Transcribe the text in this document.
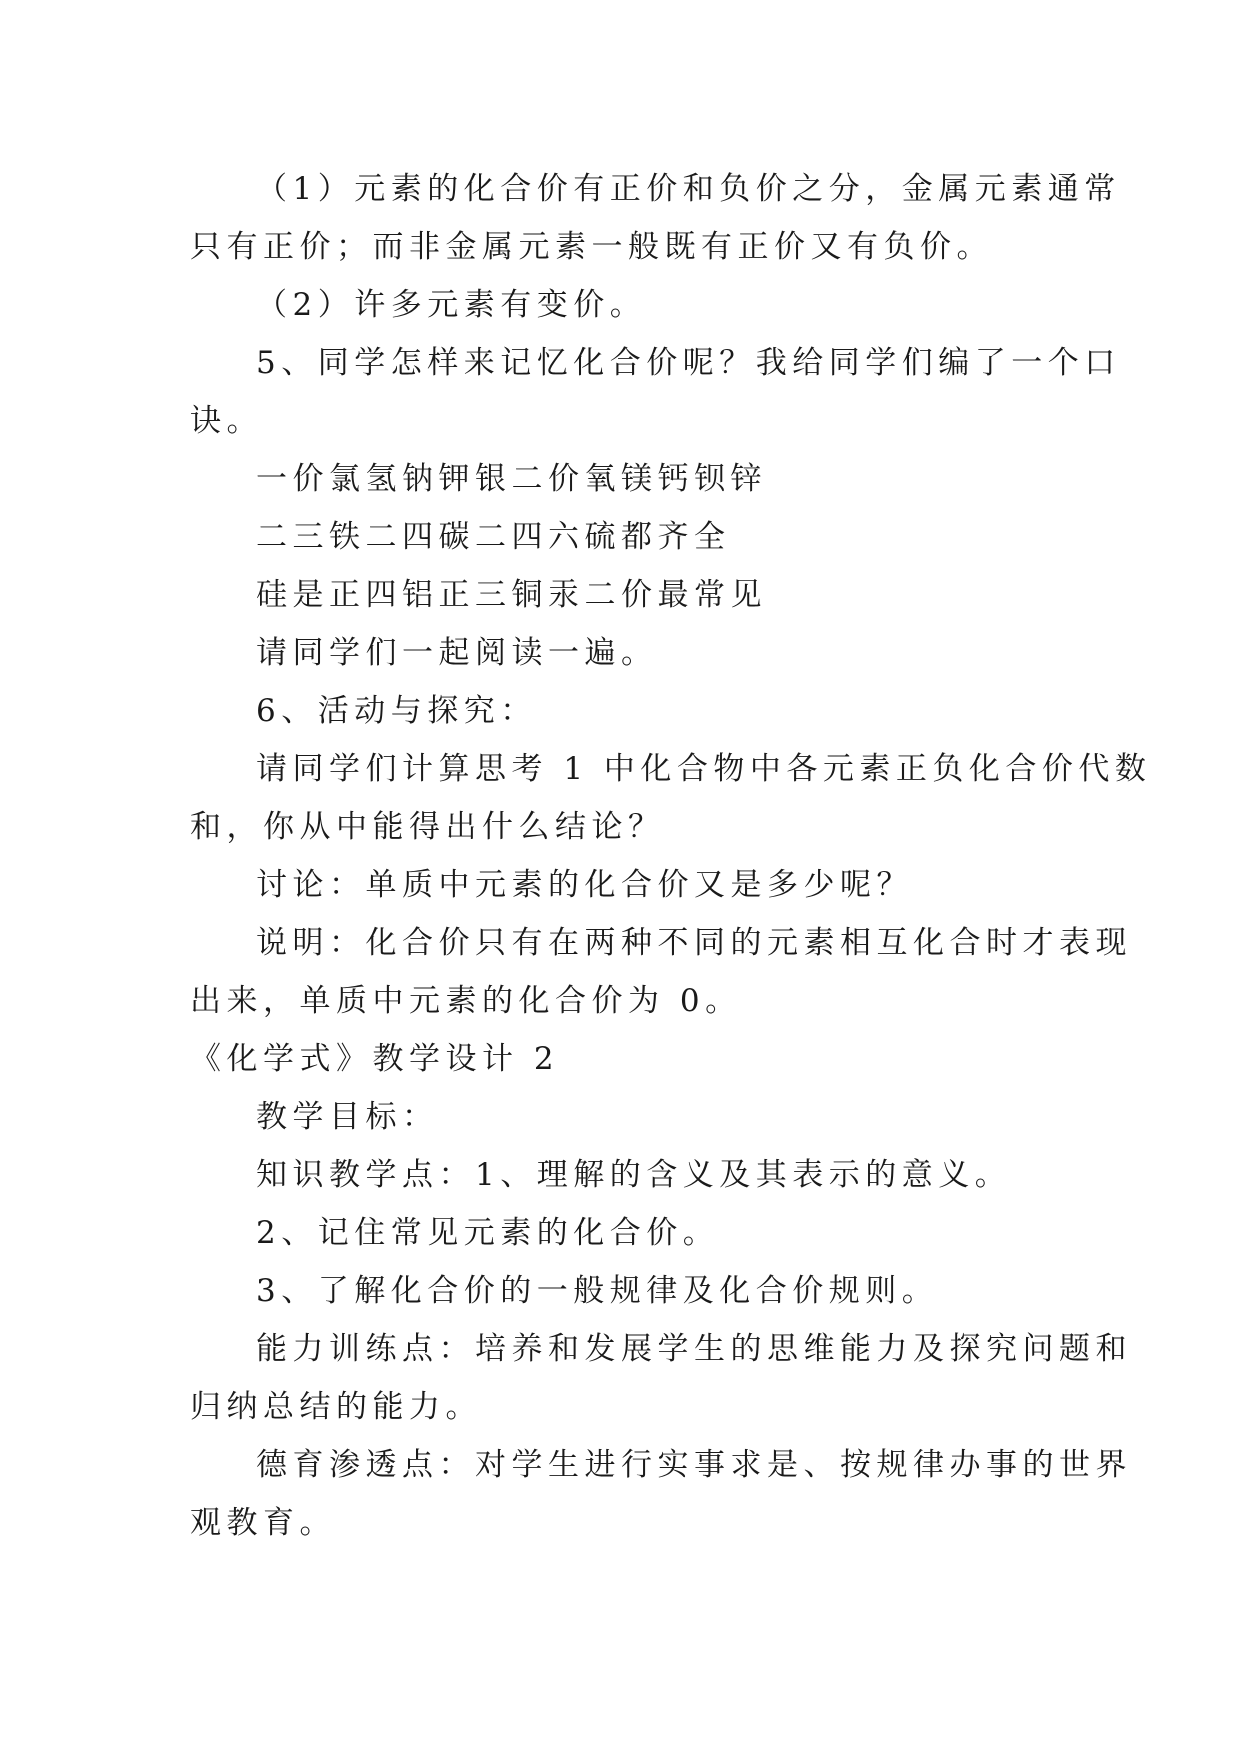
（1）元素的化合价有正价和负价之分，金属元素通常
只有正价；而非金属元素一般既有正价又有负价。
（2）许多元素有变价。
5、同学怎样来记忆化合价呢？我给同学们编了一个口
诀。
一价氯氢钠钾银二价氧镁钙钡锌
二三铁二四碳二四六硫都齐全
硅是正四铝正三铜汞二价最常见
请同学们一起阅读一遍。
6、活动与探究：
请同学们计算思考 1 中化合物中各元素正负化合价代数
和，你从中能得出什么结论？
讨论：单质中元素的化合价又是多少呢？
说明：化合价只有在两种不同的元素相互化合时才表现
出来，单质中元素的化合价为 0。
《化学式》教学设计 2
教学目标：
知识教学点：1、理解的含义及其表示的意义。
2、记住常见元素的化合价。
3、了解化合价的一般规律及化合价规则。
能力训练点：培养和发展学生的思维能力及探究问题和
归纳总结的能力。
德育渗透点：对学生进行实事求是、按规律办事的世界
观教育。
